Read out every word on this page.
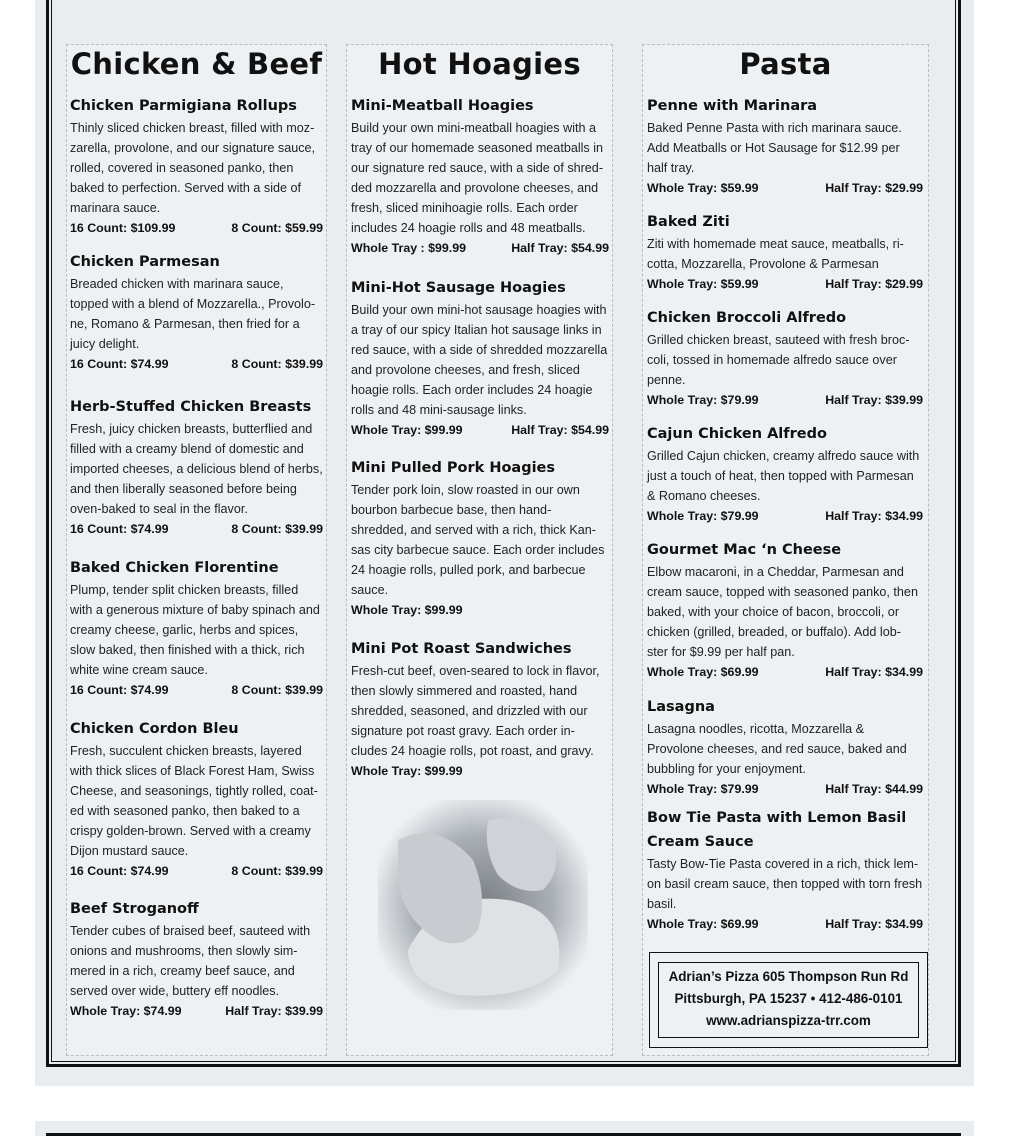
Chicken & Beef	Hot Hoagies	Pasta
Chicken Parmigiana Rollups
Thinly sliced chicken breast, filled with moz- zarella, provolone, and our signature sauce, rolled, covered in seasoned panko, then baked to perfection. Served with a side of marinara sauce.
16 Count: $109.99	8 Count: $59.99
Chicken Parmesan
Breaded chicken with marinara sauce, topped with a blend of Mozzarella., Provolo- ne, Romano & Parmesan, then fried for a juicy delight.
16 Count: $74.99	8 Count: $39.99
Herb-Stuffed Chicken Breasts
Fresh, juicy chicken breasts, butterflied and filled with a creamy blend of domestic and imported cheeses, a delicious blend of herbs, and then liberally seasoned before being oven-baked to seal in the flavor.
16 Count: $74.99	8 Count: $39.99
Baked Chicken Florentine
Plump, tender split chicken breasts, filled with a generous mixture of baby spinach and creamy cheese, garlic, herbs and spices, slow baked, then finished with a thick, rich white wine cream sauce.
16 Count: $74.99	8 Count: $39.99
Chicken Cordon Bleu
Fresh, succulent chicken breasts, layered with thick slices of Black Forest Ham, Swiss Cheese, and seasonings, tightly rolled, coat- ed with seasoned panko, then baked to a crispy golden-brown. Served with a creamy Dijon mustard sauce.
16 Count: $74.99	8 Count: $39.99
Beef Stroganoff
Tender cubes of braised beef, sauteed with onions and mushrooms, then slowly sim- mered in a rich, creamy beef sauce, and served over wide, buttery eff noodles.
Whole Tray: $74.99	Half Tray: $39.99
Mini-Meatball Hoagies
Build your own mini-meatball hoagies with a tray of our homemade seasoned meatballs in our signature red sauce, with a side of shred- ded mozzarella and provolone cheeses, and fresh, sliced minihoagie rolls. Each order includes 24 hoagie rolls and 48 meatballs.
Whole Tray : $99.99	Half Tray: $54.99
Mini-Hot Sausage Hoagies
Build your own mini-hot sausage hoagies with a tray of our spicy Italian hot sausage links in red sauce, with a side of shredded mozzarella and provolone cheeses, and fresh, sliced hoagie rolls. Each order includes 24 hoagie rolls and 48 mini-sausage links.
Whole Tray: $99.99	Half Tray: $54.99
Mini Pulled Pork Hoagies
Tender pork loin, slow roasted in our own bourbon barbecue base, then hand- shredded, and served with a rich, thick Kan- sas city barbecue sauce. Each order includes 24 hoagie rolls, pulled pork, and barbecue sauce.
Whole Tray: $99.99
Mini Pot Roast Sandwiches
Fresh-cut beef, oven-seared to lock in flavor, then slowly simmered and roasted, hand shredded, seasoned, and drizzled with our signature pot roast gravy. Each order in- cludes 24 hoagie rolls, pot roast, and gravy.
Whole Tray: $99.99
Penne with Marinara
Baked Penne Pasta with rich marinara sauce. Add Meatballs or Hot Sausage for $12.99 per half tray.
Whole Tray: $59.99	Half Tray: $29.99
Baked Ziti
Ziti with homemade meat sauce, meatballs, ri- cotta, Mozzarella, Provolone & Parmesan
Whole Tray: $59.99	Half Tray: $29.99
Chicken Broccoli Alfredo
Grilled chicken breast, sauteed with fresh broc- coli, tossed in homemade alfredo sauce over penne.
Whole Tray: $79.99	Half Tray: $39.99
Cajun Chicken Alfredo
Grilled Cajun chicken, creamy alfredo sauce with just a touch of heat, then topped with Parmesan & Romano cheeses.
Whole Tray: $79.99	Half Tray: $34.99
Gourmet Mac ‘n Cheese
Elbow macaroni, in a Cheddar, Parmesan and cream sauce, topped with seasoned panko, then baked, with your choice of bacon, broccoli, or chicken (grilled, breaded, or buffalo). Add lob- ster for $9.99 per half pan.
Whole Tray: $69.99	Half Tray: $34.99
Lasagna
Lasagna noodles, ricotta, Mozzarella & Provolone cheeses, and red sauce, baked and bubbling for your enjoyment.
Whole Tray: $79.99	Half Tray: $44.99
Bow Tie Pasta with Lemon Basil Cream Sauce
Tasty Bow-Tie Pasta covered in a rich, thick lem- on basil cream sauce, then topped with torn fresh basil.
Whole Tray: $69.99	Half Tray: $34.99
Adrian’s Pizza 605 Thompson Run Rd
Pittsburgh, PA 15237 • 412-486-0101
www.adrianspizza-trr.com
